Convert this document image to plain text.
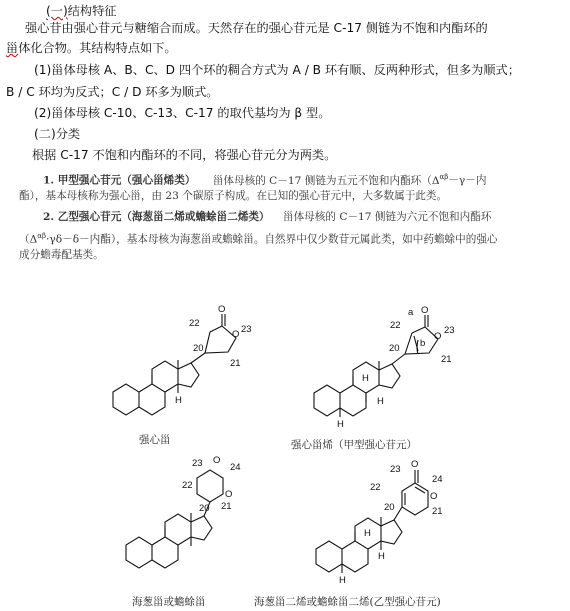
(一)结构特征
强心苷由强心苷元与糖缩合而成。天然存在的强心苷元是 C-17 侧链为不饱和内酯环的
甾体化合物。其结构特点如下。
(1)甾体母核 A、B、C、D 四个环的稠合方式为 A / B 环有顺、反两种形式，但多为顺式；
B / C 环均为反式；C / D 环多为顺式。
(2)甾体母核 C-10、C-13、C-17 的取代基均为 β 型。
(二)分类
根据 C-17 不饱和内酯环的不同，将强心苷元分为两类。
1. 甲型强心苷元（强心甾烯类） 甾体母核的 C－17 侧链为五元不饱和内酯环（$\Delta^{\alpha\beta}-\gamma-$内
酯），基本母核称为强心甾，由 23 个碳原子构成。在已知的强心苷元中，大多数属于此类。
2. 乙型强心苷元（海葱甾二烯或蟾蜍甾二烯类） 甾体母核的 C－17 侧链为六元不饱和内酯环
（$\Delta^{\alpha\beta}\cdot\gamma\delta-\delta-$内酯），基本母核为海葱甾或蟾蜍甾。自然界中仅少数苷元属此类，如中药蟾蜍中的强心
成分蟾毒配基类。
20
21
22
23
O
O
H
20
21
22	23
O
O
a
b
H
H
H
22
23	24
21
20
O
O
22
23
24
21
20
O
O
H
H
H
强心甾	强心甾烯（甲型强心苷元）
海葱甾或蟾蜍甾	海葱甾二烯或蟾蜍甾二烯(乙型强心苷元)
